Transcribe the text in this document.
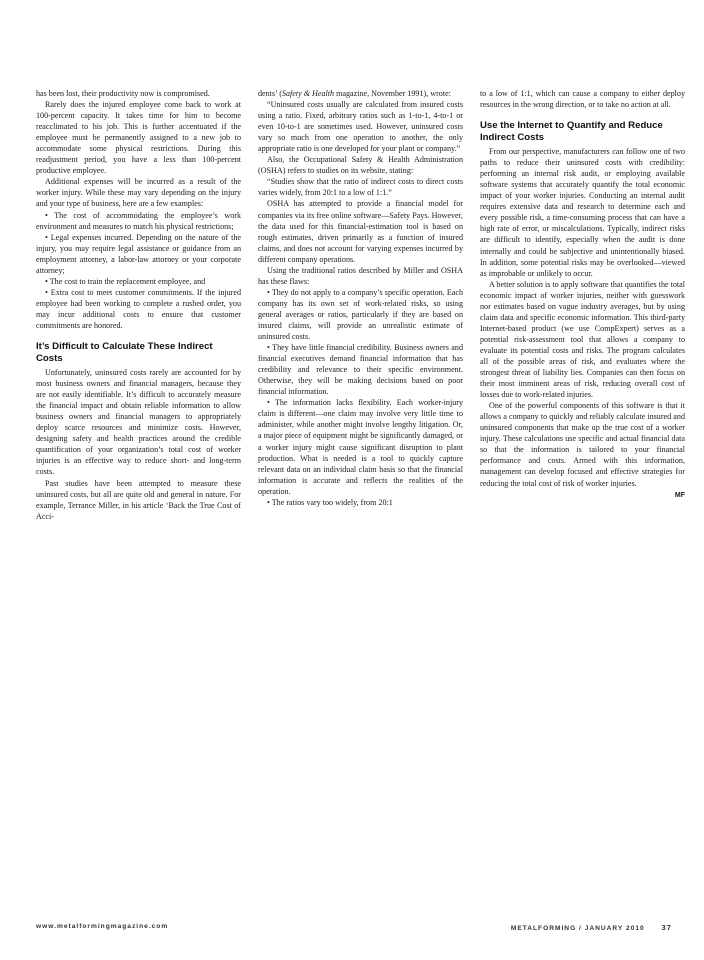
has been lost, their productivity now is compromised.

Rarely does the injured employee come back to work at 100-percent capacity. It takes time for him to become reacclimated to his job. This is further accentuated if the employee must be permanently assigned to a new job to accommodate some physical restrictions. During this readjustment period, you have a less than 100-percent productive employee.

Additional expenses will be incurred as a result of the worker injury. While these may vary depending on the injury and your type of business, here are a few examples:

• The cost of accommodating the employee’s work environment and measures to match his physical restrictions;

• Legal expenses incurred. Depending on the nature of the injury, you may require legal assistance or guidance from an employment attorney, a labor-law attorney or your corporate attorney;

• The cost to train the replacement employee, and

• Extra cost to meet customer commitments. If the injured employee had been working to complete a rushed order, you may incur additional costs to ensure that customer commitments are honored.

It’s Difficult to Calculate These Indirect Costs

Unfortunately, uninsured costs rarely are accounted for by most business owners and financial managers, because they are not easily identifiable. It’s difficult to accurately measure the financial impact and obtain reliable information to allow business owners and financial managers to appropriately deploy scarce resources and minimize costs. However, designing safety and health practices around the credible quantification of your organization’s total cost of worker injuries is an effective way to reduce short- and long-term costs.

Past studies have been attempted to measure these uninsured costs, but all are quite old and general in nature. For example, Terrance Miller, in his article ‘Back the True Cost of Acci-

dents’ (Safety & Health magazine, November 1991), wrote:

“Uninsured costs usually are calculated from insured costs using a ratio. Fixed, arbitrary ratios such as 1-to-1, 4-to-1 or even 10-to-1 are sometimes used. However, uninsured costs vary so much from one operation to another, the only appropriate ratio is one developed for your plant or company.”

Also, the Occupational Safety & Health Administration (OSHA) refers to studies on its website, stating:

“Studies show that the ratio of indirect costs to direct costs varies widely, from 20:1 to a low of 1:1.”

OSHA has attempted to provide a financial model for companies via its free online software—Safety Pays. However, the data used for this financial-estimation tool is based on rough estimates, driven primarily as a function of insured claims, and does not account for varying expenses incurred by different company operations.

Using the traditional ratios described by Miller and OSHA has these flaws:

• They do not apply to a company’s specific operation. Each company has its own set of work-related risks, so using general averages or ratios, particularly if they are based on insured claims, will provide an unrealistic estimate of uninsured costs.

• They have little financial credibility. Business owners and financial executives demand financial information that has credibility and relevance to their specific environment. Otherwise, they will be making decisions based on poor financial information.

• The information lacks flexibility. Each worker-injury claim is different—one claim may involve very little time to administer, while another might involve lengthy litigation. Or, a major piece of equipment might be significantly damaged, or a worker injury might cause significant disruption to plant production. What is needed is a tool to quickly capture relevant data on an individual claim basis so that the financial information is accurate and reflects the realities of the operation.

• The ratios vary too widely, from 20:1

to a low of 1:1, which can cause a company to either deploy resources in the wrong direction, or to take no action at all.

Use the Internet to Quantify and Reduce Indirect Costs

From our perspective, manufacturers can follow one of two paths to reduce their uninsured costs with credibility: performing an internal risk audit, or employing available software systems that accurately quantify the total economic impact of your worker injuries. Conducting an internal audit requires extensive data and research to determine each and every possible risk, a time-consuming process that can have a high rate of error, or miscalculations. Typically, indirect risks are difficult to identify, especially when the audit is done internally and could be subjective and unintentionally biased. In addition, some potential risks may be overlooked—viewed as improbable or unlikely to occur.

A better solution is to apply software that quantifies the total economic impact of worker injuries, neither with guesswork nor estimates based on vague industry averages, but by using claim data and specific economic information. This third-party Internet-based product (we use CompExpert) serves as a potential risk-assessment tool that allows a company to evaluate its potential costs and risks. The program calculates all of the possible areas of risk, and evaluates where the strongest threat of liability lies. Companies can then focus on their most imminent areas of risk, reducing overall cost of losses due to work-related injuries.

One of the powerful components of this software is that it allows a company to quickly and reliably calculate insured and uninsured components that make up the true cost of a worker injury. These calculations use specific and actual financial data so that the information is tailored to your financial performance and costs. Armed with this information, management can develop focused and effective strategies for reducing the total cost of risk of worker injuries.

MF
www.metalformingmagazine.com	METALFORMING / JANUARY 2010 37
